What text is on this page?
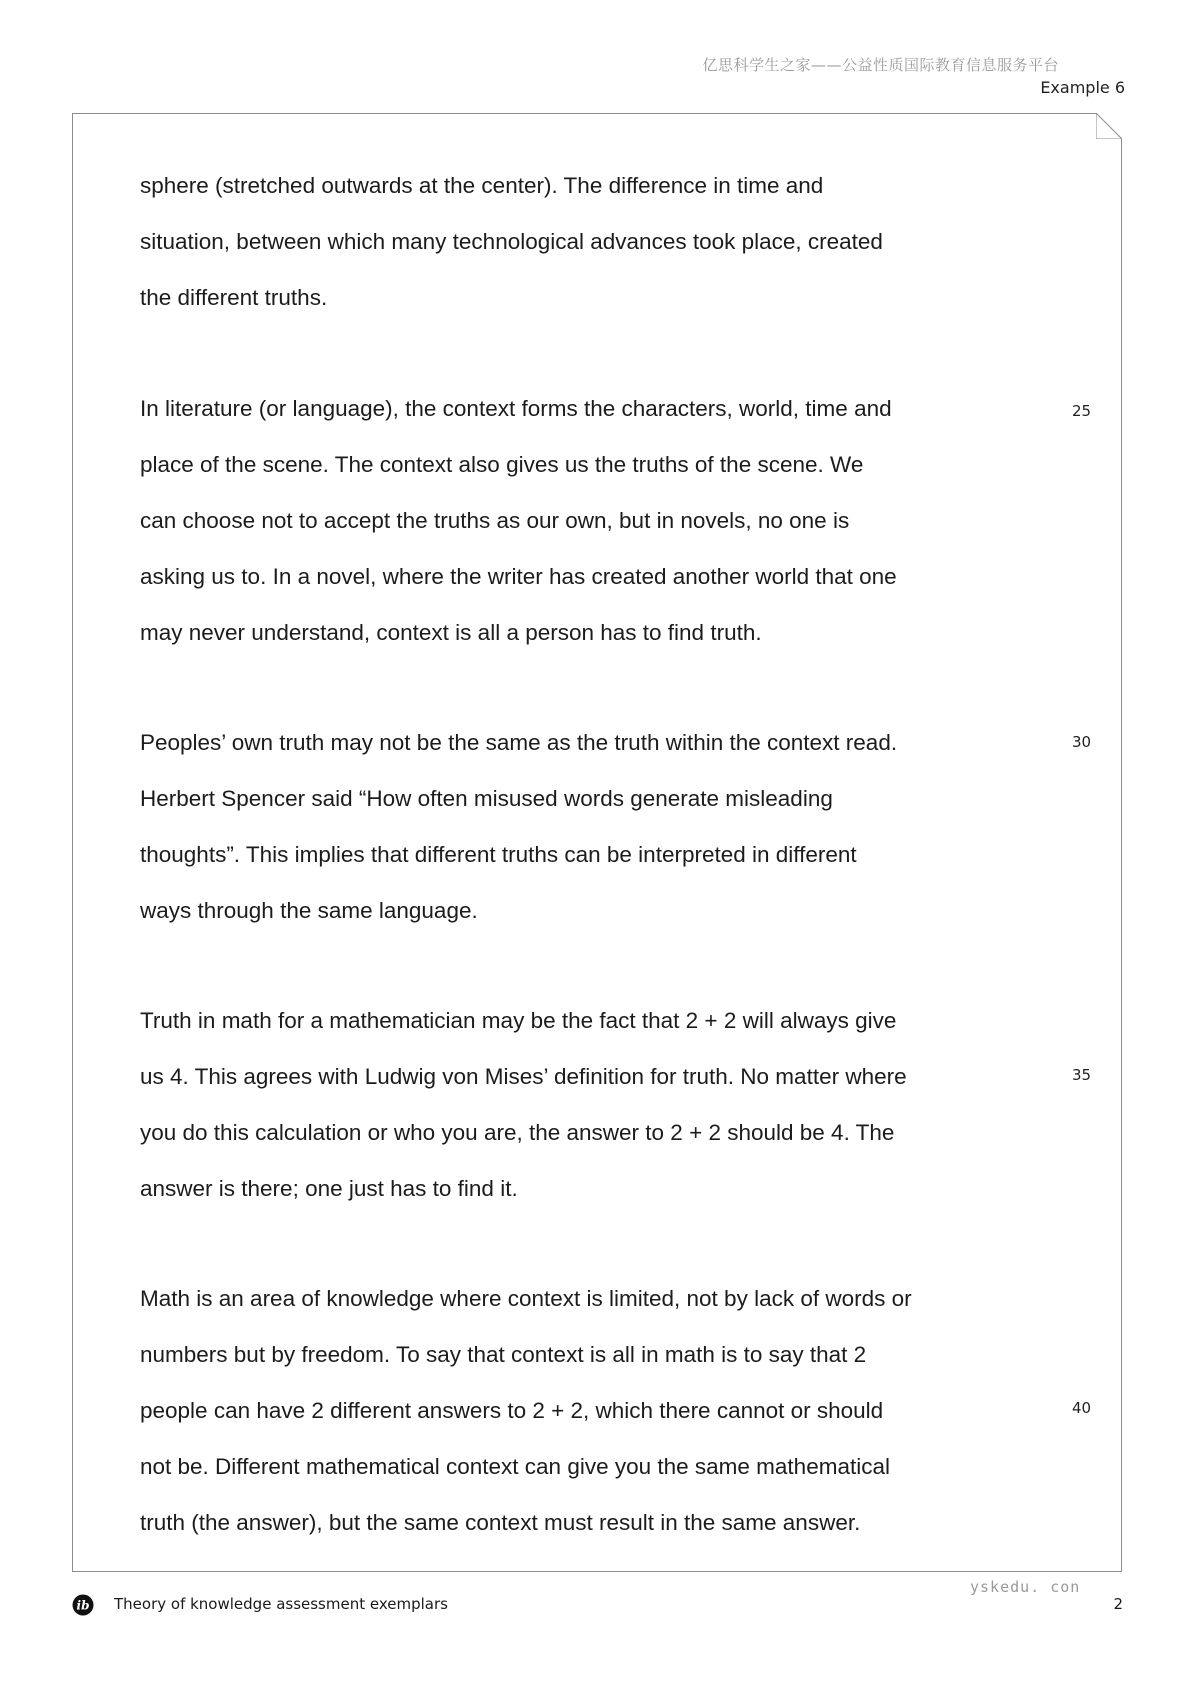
亿思科学生之家——公益性质国际教育信息服务平台
Example 6

sphere (stretched outwards at the center). The difference in time and
situation, between which many technological advances took place, created
the different truths.

In literature (or language), the context forms the characters, world, time and
place of the scene. The context also gives us the truths of the scene. We
can choose not to accept the truths as our own, but in novels, no one is
asking us to. In a novel, where the writer has created another world that one
may never understand, context is all a person has to find truth.

Peoples’ own truth may not be the same as the truth within the context read.
Herbert Spencer said “How often misused words generate misleading
thoughts”. This implies that different truths can be interpreted in different
ways through the same language.

Truth in math for a mathematician may be the fact that 2 + 2 will always give
us 4. This agrees with Ludwig von Mises’ definition for truth. No matter where
you do this calculation or who you are, the answer to 2 + 2 should be 4. The
answer is there; one just has to find it.

Math is an area of knowledge where context is limited, not by lack of words or
numbers but by freedom. To say that context is all in math is to say that 2
people can have 2 different answers to 2 + 2, which there cannot or should
not be. Different mathematical context can give you the same mathematical
truth (the answer), but the same context must result in the same answer.

25
30
35
40
ib Theory of knowledge assessment exemplars
yskedu. con
2
